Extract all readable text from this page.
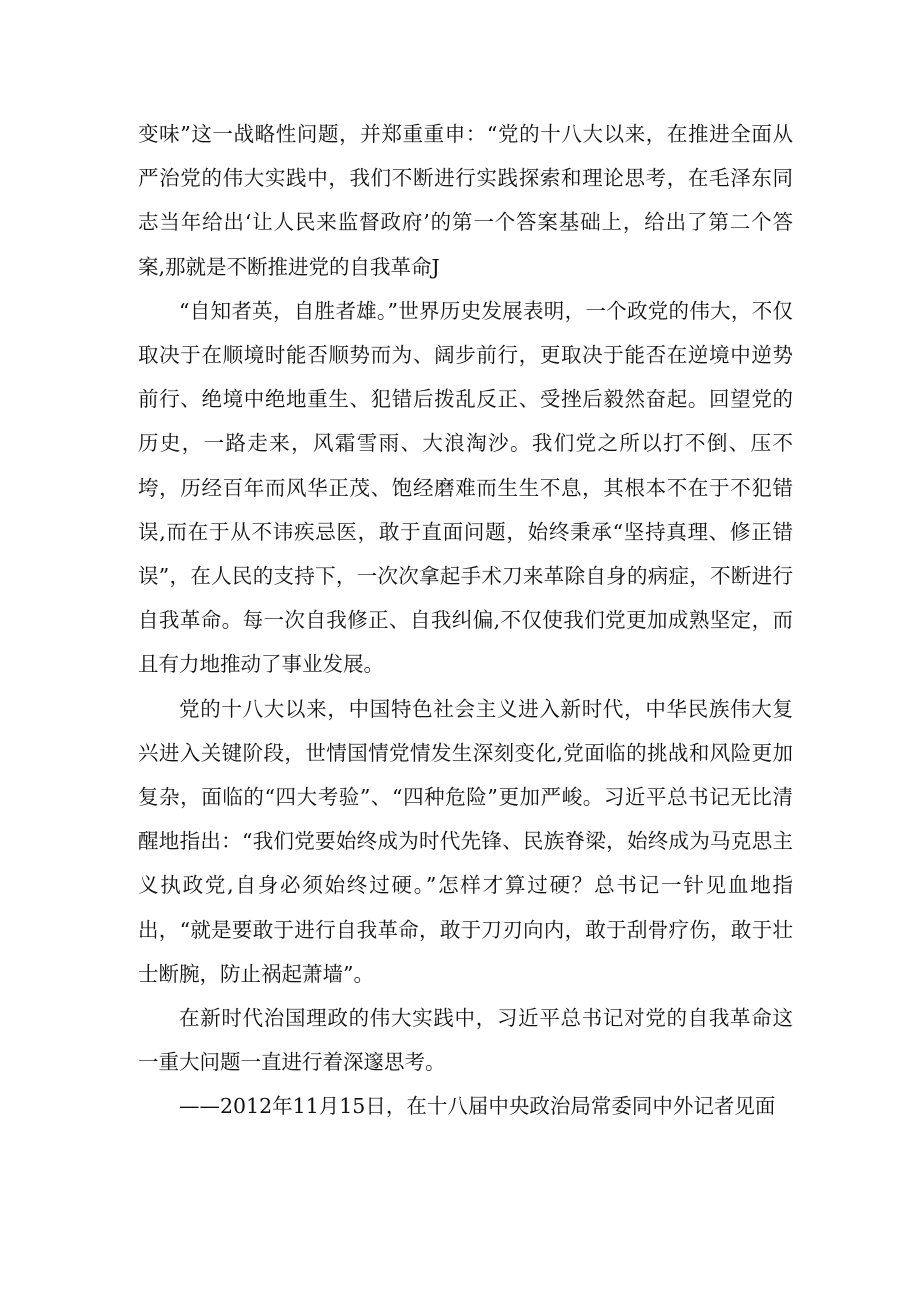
变味”这一战略性问题，并郑重重申：“党的十八大以来，在推进全面从严治党的伟大实践中，我们不断进行实践探索和理论思考，在毛泽东同志当年给出‘让人民来监督政府’的第一个答案基础上，给出了第二个答案,那就是不断推进党的自我革命J

“自知者英，自胜者雄。”世界历史发展表明，一个政党的伟大，不仅取决于在顺境时能否顺势而为、阔步前行，更取决于能否在逆境中逆势前行、绝境中绝地重生、犯错后拨乱反正、受挫后毅然奋起。回望党的历史，一路走来，风霜雪雨、大浪淘沙。我们党之所以打不倒、压不垮，历经百年而风华正茂、饱经磨难而生生不息，其根本不在于不犯错误,而在于从不讳疾忌医，敢于直面问题，始终秉承“坚持真理、修正错误”，在人民的支持下，一次次拿起手术刀来革除自身的病症，不断进行自我革命。每一次自我修正、自我纠偏,不仅使我们党更加成熟坚定，而且有力地推动了事业发展。

党的十八大以来，中国特色社会主义进入新时代，中华民族伟大复兴进入关键阶段，世情国情党情发生深刻变化,党面临的挑战和风险更加复杂，面临的“四大考验”、“四种危险”更加严峻。习近平总书记无比清醒地指出：“我们党要始终成为时代先锋、民族脊梁，始终成为马克思主义执政党,自身必须始终过硬。”怎样才算过硬？总书记一针见血地指出，“就是要敢于进行自我革命，敢于刀刃向内，敢于刮骨疗伤，敢于壮士断腕，防止祸起萧墙”。

在新时代治国理政的伟大实践中，习近平总书记对党的自我革命这一重大问题一直进行着深邃思考。

——2012年11月15日，在十八届中央政治局常委同中外记者见面
